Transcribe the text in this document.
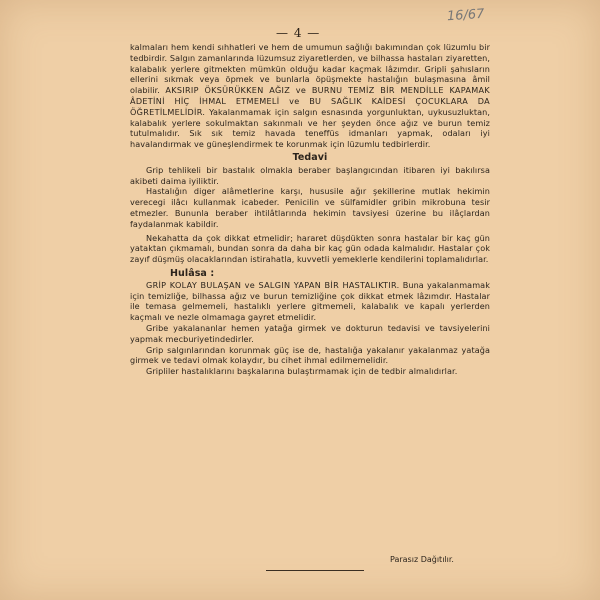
— 4 —
16/67

kalmaları hem kendi sıhhatleri ve hem de umumun sağlığı bakımından çok lüzumlu bir tedbirdir. Salgın zamanlarında lüzumsuz ziyaretlerden, ve bilhassa hastaları ziyaretten, kalabalık yerlere gitmekten mümkün olduğu kadar kaçmak lâzımdır. Gripli şahısların ellerini sıkmak veya öpmek ve bunlarla öpüşmekte hastalığın bulaşmasına âmil olabilir. AKSIRIP ÖKSÜRÜKKEN AĞIZ ve BURNU TEMİZ BİR MENDİLLE KAPAMAK ÂDETİNİ HİÇ İHMAL ETMEMELİ ve BU SAĞLIK KAİDESİ ÇOCUKLARA DA ÖĞRETİLMELİDİR. Yakalanmamak için salgın esnasında yorgunluktan, uykusuzluktan, kalabalık yerlere sokulmaktan sakınmalı ve her şeyden önce ağız ve burun temiz tutulmalıdır. Sık sık temiz havada teneffüs idmanları yapmak, odaları iyi havalandırmak ve güneşlendirmek te korunmak için lüzumlu tedbirlerdir.

Tedavi

Grip tehlikeli bir bastalık olmakla beraber başlangıcından itibaren iyi bakılırsa akibeti daima iyiliktir.

Hastalığın diger alâmetlerine karşı, hususile ağır şekillerine mutlak hekimin verecegi ilâcı kullanmak icabeder. Penicilin ve sülfamidler gribin mikrobuna tesir etmezler. Bununla beraber ihtilâtlarında hekimin tavsiyesi üzerine bu ilâçlardan faydalanmak kabildir.

Nekahatta da çok dikkat etmelidir; hararet düşdükten sonra hastalar bir kaç gün yataktan çıkmamalı, bundan sonra da daha bir kaç gün odada kalmalıdır. Hastalar çok zayıf düşmüş olacaklarından istirahatla, kuvvetli yemeklerle kendilerini toplamalıdırlar.

Hulâsa :

GRİP KOLAY BULAŞAN ve SALGIN YAPAN BİR HASTALIKTIR. Buna yakalanmamak için temizliğe, bilhassa ağız ve burun temizliğine çok dikkat etmek lâzımdır. Hastalar ile temasa gelmemeli, hastalıklı yerlere gitmemeli, kalabalık ve kapalı yerlerden kaçmalı ve nezle olmamaga gayret etmelidir.

Gribe yakalananlar hemen yatağa girmek ve dokturun tedavisi ve tavsiyelerini yapmak mecburiyetindedirler.

Grip salgınlarından korunmak güç ise de, hastalığa yakalanır yakalanmaz yatağa girmek ve tedavi olmak kolaydır, bu cihet ihmal edilmemelidir.

Gripliler hastalıklarını başkalarına bulaştırmamak için de tedbir almalıdırlar.

Parasız Dağıtılır.
